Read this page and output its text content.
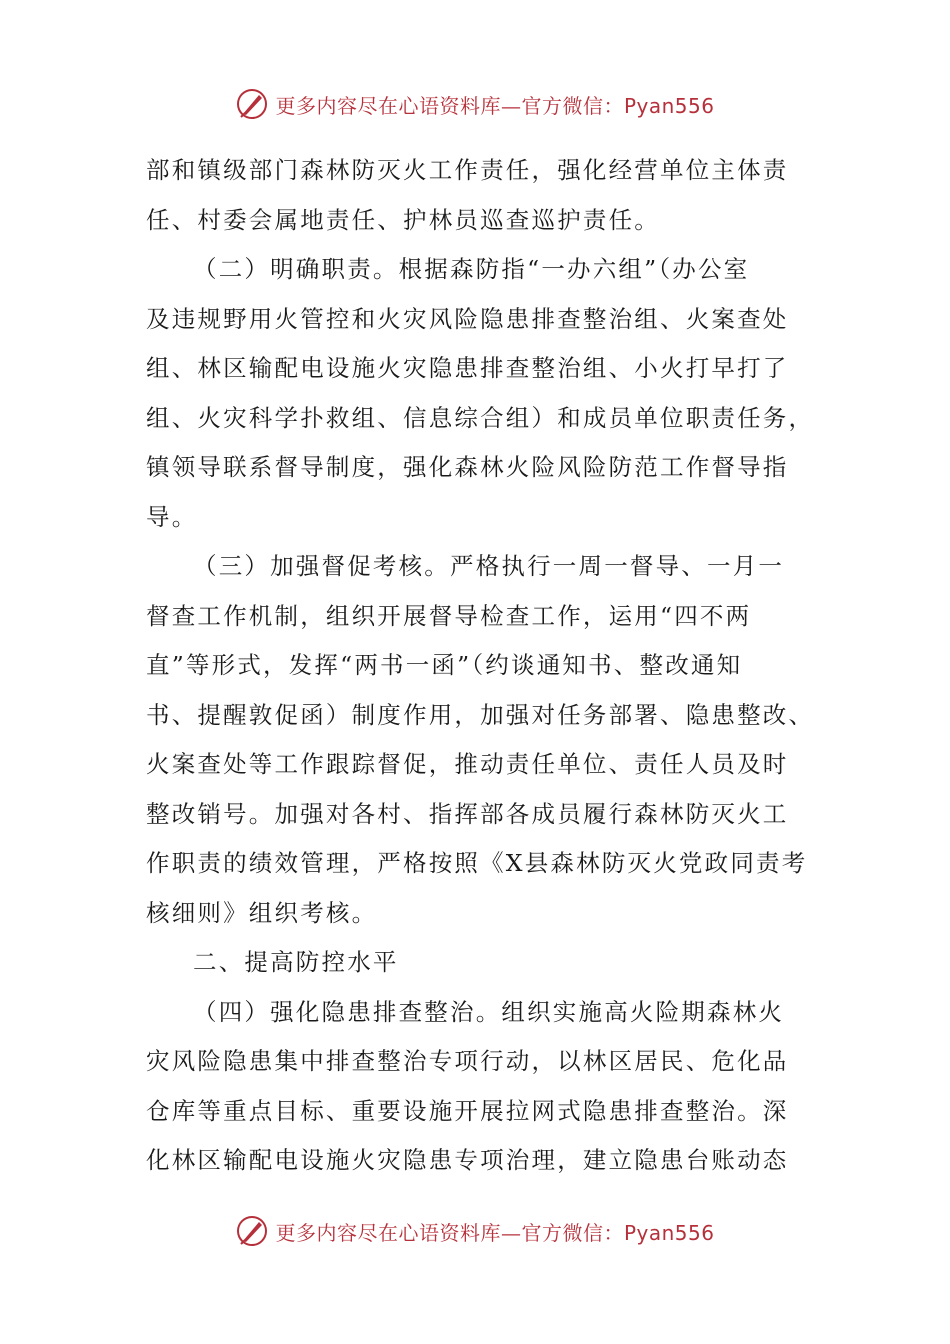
更多内容尽在心语资料库—官方微信：Pyan556
部和镇级部门森林防灭火工作责任，强化经营单位主体责
任、村委会属地责任、护林员巡查巡护责任。
（二）明确职责。根据森防指“一办六组”（办公室
及违规野用火管控和火灾风险隐患排查整治组、火案查处
组、林区输配电设施火灾隐患排查整治组、小火打早打了
组、火灾科学扑救组、信息综合组）和成员单位职责任务，
镇领导联系督导制度，强化森林火险风险防范工作督导指
导。
（三）加强督促考核。严格执行一周一督导、一月一
督查工作机制，组织开展督导检查工作，运用“四不两
直”等形式，发挥“两书一函”（约谈通知书、整改通知
书、提醒敦促函）制度作用，加强对任务部署、隐患整改、
火案查处等工作跟踪督促，推动责任单位、责任人员及时
整改销号。加强对各村、指挥部各成员履行森林防灭火工
作职责的绩效管理，严格按照《X县森林防灭火党政同责考
核细则》组织考核。
二、提高防控水平
（四）强化隐患排查整治。组织实施高火险期森林火
灾风险隐患集中排查整治专项行动，以林区居民、危化品
仓库等重点目标、重要设施开展拉网式隐患排查整治。深
化林区输配电设施火灾隐患专项治理，建立隐患台账动态
更多内容尽在心语资料库—官方微信：Pyan556
